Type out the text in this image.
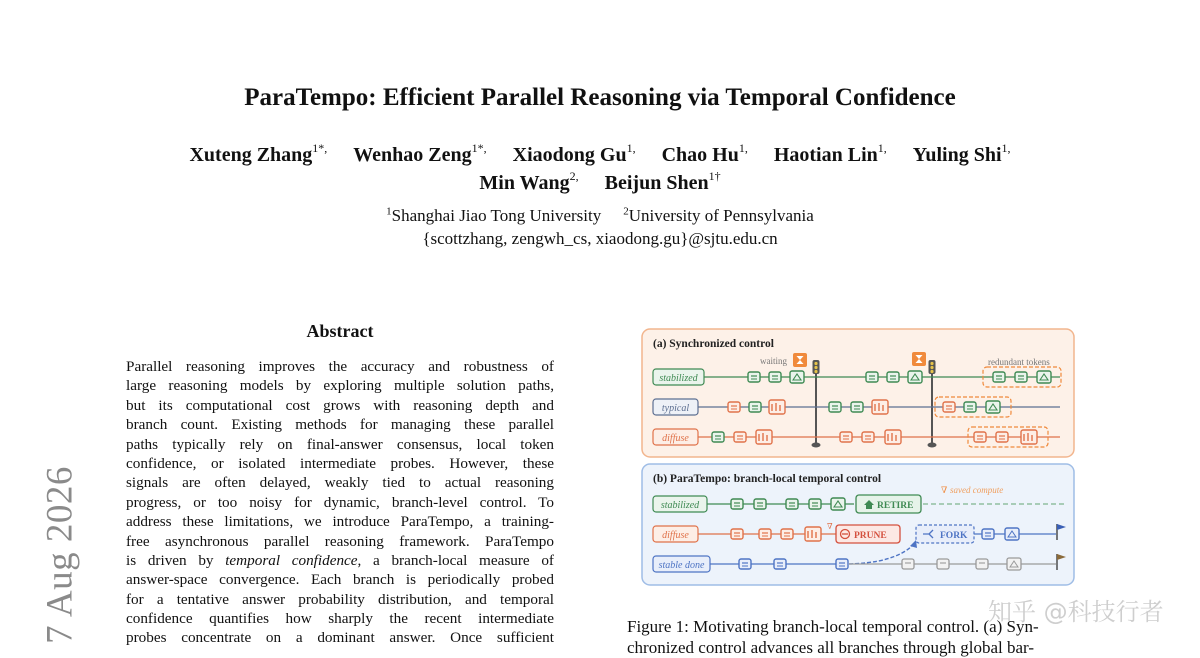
ParaTempo: Efficient Parallel Reasoning via Temporal Confidence
Xuteng Zhang$^{1*,}$ Wenhao Zeng$^{1*,}$ Xiaodong $Gu^{1,}$ Chao $Hu^{1,}$ Haotian Lin$^{1,}$ Yuling Shi$^{1,}$
Min Wang$^{2,}$ Beijun Shen$^{1\dagger}$
$^1$Shanghai Jiao Tong University $^2$University of Pennsylvania
{scottzhang, zengwh_cs, xiaodong.gu}@sjtu.edu.cn
Abstract
Parallel reasoning improves the accuracy and robustness of
large reasoning models by exploring multiple solution paths,
but its computational cost grows with reasoning depth and
branch count. Existing methods for managing these parallel
paths typically rely on final-answer consensus, local token
confidence, or isolated intermediate probes. However, these
signals are often delayed, weakly tied to actual reasoning
progress, or too noisy for dynamic, branch-level control. To
address these limitations, we introduce ParaTempo, a training-
free asynchronous parallel reasoning framework. ParaTempo
is driven by temporal confidence, a branch-local measure of
answer-space convergence. Each branch is periodically probed
for a tentative answer probability distribution, and temporal
confidence quantifies how sharply the recent intermediate
probes concentrate on a dominant answer. Once sufficient
7 Aug 2026	Figure 1: Motivating branch-local temporal control. (a) Syn-
chronized control advances all branches through global bar-
(a) Synchronized control
waiting	redundant tokens
stabilized
typical
diffuse
(b) ParaTempo: branch-local temporal control
∇ saved compute
stabilized	RETIRE
diffuse
∇
PRUNE	FORK
stable done
知乎 @科技行者
